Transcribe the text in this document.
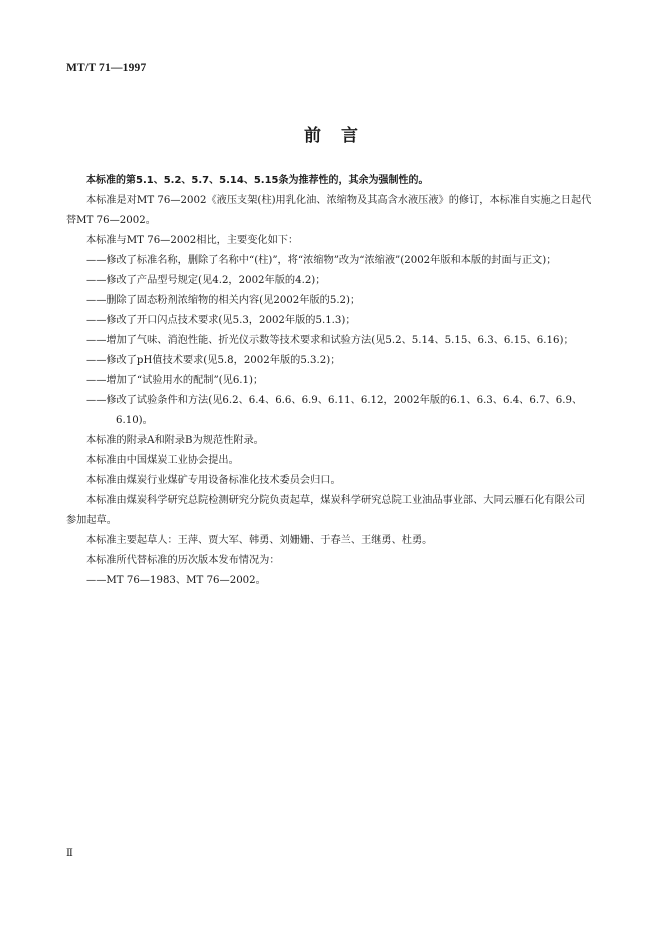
MT/T 71—1997
前言

本标准的第5.1、5.2、5.7、5.14、5.15条为推荐性的，其余为强制性的。

本标准是对MT 76—2002《液压支架(柱)用乳化油、浓缩物及其高含水液压液》的修订，本标准自实施之日起代替MT 76—2002。

本标准与MT 76—2002相比，主要变化如下：

——修改了标准名称，删除了名称中“(柱)”，将“浓缩物”改为“浓缩液”(2002年版和本版的封面与正文)；

——修改了产品型号规定(见4.2，2002年版的4.2)；

——删除了固态粉剂浓缩物的相关内容(见2002年版的5.2)；

——修改了开口闪点技术要求(见5.3，2002年版的5.1.3)；

——增加了气味、消泡性能、折光仪示数等技术要求和试验方法(见5.2、5.14、5.15、6.3、6.15、6.16)；

——修改了pH值技术要求(见5.8，2002年版的5.3.2)；

——增加了“试验用水的配制”(见6.1)；

——修改了试验条件和方法(见6.2、6.4、6.6、6.9、6.11、6.12，2002年版的6.1、6.3、6.4、6.7、6.9、6.10)。

本标准的附录A和附录B为规范性附录。

本标准由中国煤炭工业协会提出。

本标准由煤炭行业煤矿专用设备标准化技术委员会归口。

本标准由煤炭科学研究总院检测研究分院负责起草，煤炭科学研究总院工业油品事业部、大同云雁石化有限公司参加起草。

本标准主要起草人：王萍、贾大军、韩勇、刘姗姗、于春兰、王继勇、杜勇。

本标准所代替标准的历次版本发布情况为：

——MT 76—1983、MT 76—2002。

Ⅱ
